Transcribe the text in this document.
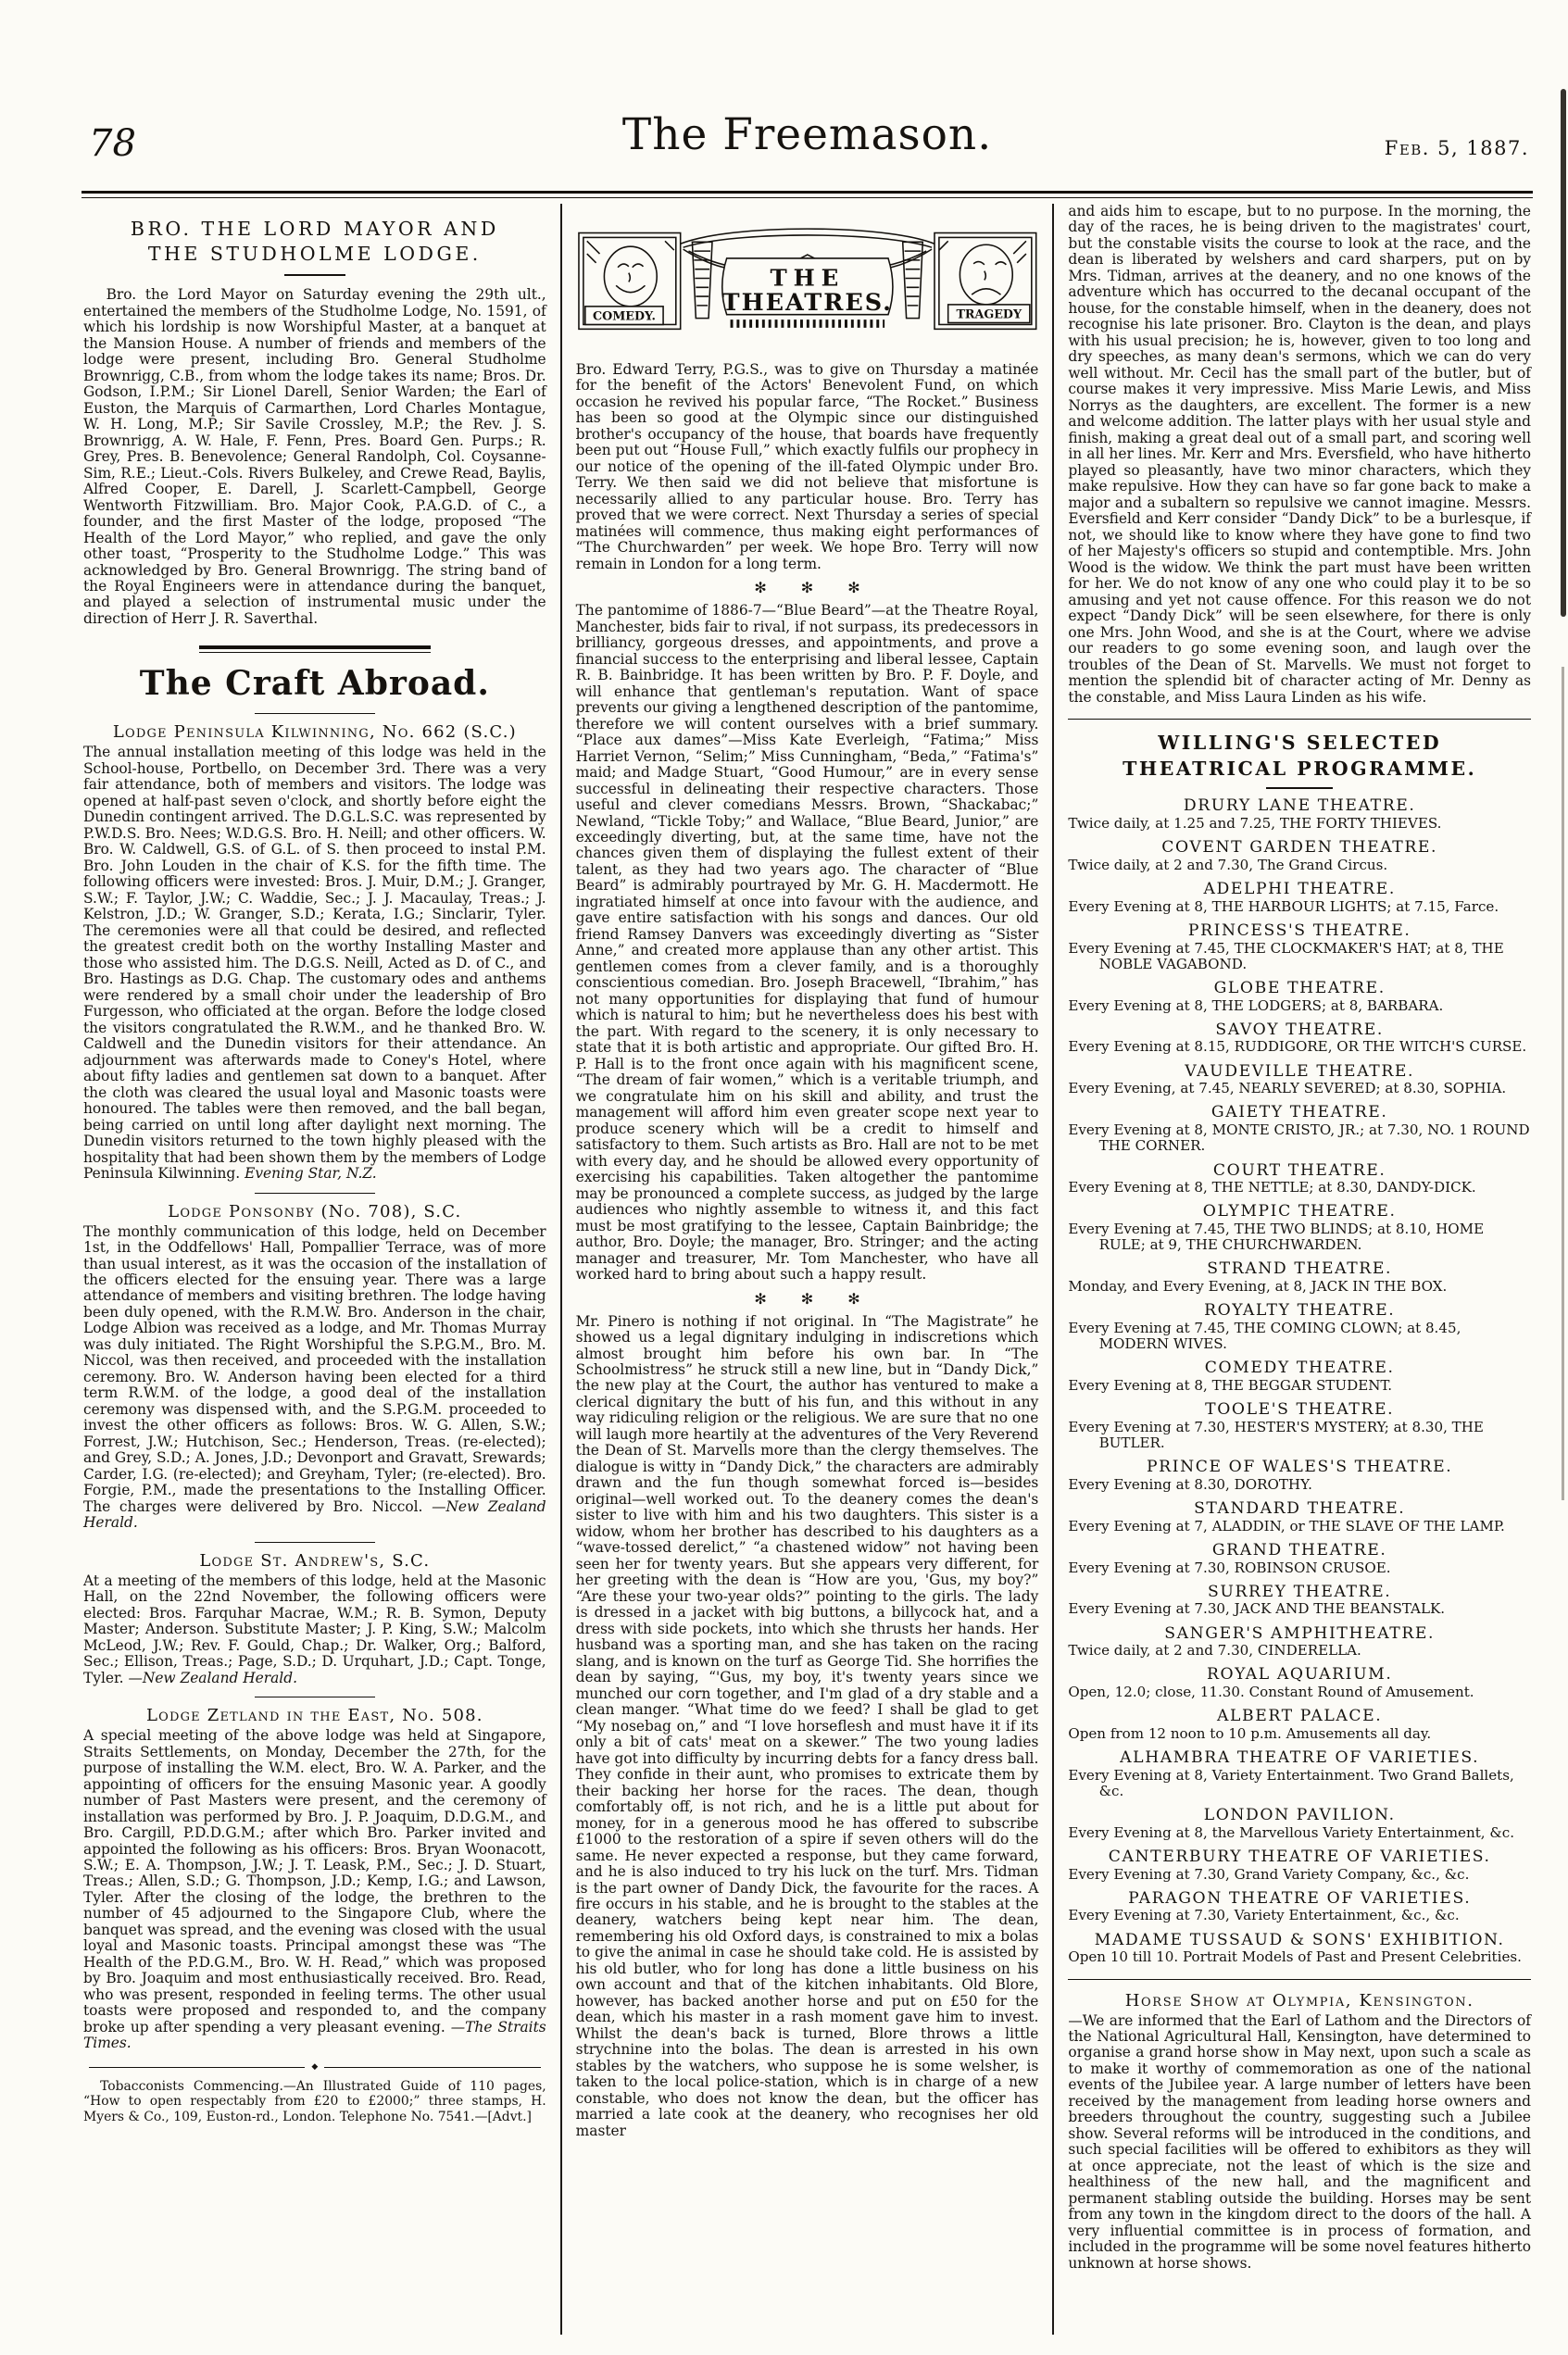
78	The Freemason.	Feb. 5, 1887.
BRO. THE LORD MAYOR AND THE STUDHOLME LODGE.

Bro. the Lord Mayor on Saturday evening the 29th ult., entertained the members of the Studholme Lodge, No. 1591, of which his lordship is now Worshipful Master, at a banquet at the Mansion House. A number of friends and members of the lodge were present, including Bro. General Studholme Brownrigg, C.B., from whom the lodge takes its name; Bros. Dr. Godson, I.P.M.; Sir Lionel Darell, Senior Warden; the Earl of Euston, the Marquis of Carmarthen, Lord Charles Montague, W. H. Long, M.P.; Sir Savile Crossley, M.P.; the Rev. J. S. Brownrigg, A. W. Hale, F. Fenn, Pres. Board Gen. Purps.; R. Grey, Pres. B. Benevolence; General Randolph, Col. Coysanne-Sim, R.E.; Lieut.-Cols. Rivers Bulkeley, and Crewe Read, Baylis, Alfred Cooper, E. Darell, J. Scarlett-Campbell, George Wentworth Fitzwilliam. Bro. Major Cook, P.A.G.D. of C., a founder, and the first Master of the lodge, proposed “The Health of the Lord Mayor,” who replied, and gave the only other toast, “Prosperity to the Studholme Lodge.” This was acknowledged by Bro. General Brownrigg. The string band of the Royal Engineers were in attendance during the banquet, and played a selection of instrumental music under the direction of Herr J. R. Saverthal.

The Craft Abroad.
Lodge Peninsula Kilwinning, No. 662 (S.C.)

The annual installation meeting of this lodge was held in the School-house, Portbello, on December 3rd. There was a very fair attendance, both of members and visitors. The lodge was opened at half-past seven o'clock, and shortly before eight the Dunedin contingent arrived. The D.G.L.S.C. was represented by P.W.D.S. Bro. Nees; W.D.G.S. Bro. H. Neill; and other officers. W. Bro. W. Caldwell, G.S. of G.L. of S. then proceed to instal P.M. Bro. John Louden in the chair of K.S. for the fifth time. The following officers were invested: Bros. J. Muir, D.M.; J. Granger, S.W.; F. Taylor, J.W.; C. Waddie, Sec.; J. J. Macaulay, Treas.; J. Kelstron, J.D.; W. Granger, S.D.; Kerata, I.G.; Sinclarir, Tyler. The ceremonies were all that could be desired, and reflected the greatest credit both on the worthy Installing Master and those who assisted him. The D.G.S. Neill, Acted as D. of C., and Bro. Hastings as D.G. Chap. The customary odes and anthems were rendered by a small choir under the leadership of Bro Furgesson, who officiated at the organ. Before the lodge closed the visitors congratulated the R.W.M., and he thanked Bro. W. Caldwell and the Dunedin visitors for their attendance. An adjournment was afterwards made to Coney's Hotel, where about fifty ladies and gentlemen sat down to a banquet. After the cloth was cleared the usual loyal and Masonic toasts were honoured. The tables were then removed, and the ball began, being carried on until long after daylight next morning. The Dunedin visitors returned to the town highly pleased with the hospitality that had been shown them by the members of Lodge Peninsula Kilwinning. Evening Star, N.Z.

Lodge Ponsonby (No. 708), S.C.

The monthly communication of this lodge, held on December 1st, in the Oddfellows' Hall, Pompallier Terrace, was of more than usual interest, as it was the occasion of the installation of the officers elected for the ensuing year. There was a large attendance of members and visiting brethren. The lodge having been duly opened, with the R.M.W. Bro. Anderson in the chair, Lodge Albion was received as a lodge, and Mr. Thomas Murray was duly initiated. The Right Worshipful the S.P.G.M., Bro. M. Niccol, was then received, and proceeded with the installation ceremony. Bro. W. Anderson having been elected for a third term R.W.M. of the lodge, a good deal of the installation ceremony was dispensed with, and the S.P.G.M. proceeded to invest the other officers as follows: Bros. W. G. Allen, S.W.; Forrest, J.W.; Hutchison, Sec.; Henderson, Treas. (re-elected); and Grey, S.D.; A. Jones, J.D.; Devonport and Gravatt, Srewards; Carder, I.G. (re-elected); and Greyham, Tyler; (re-elected). Bro. Forgie, P.M., made the presentations to the Installing Officer. The charges were delivered by Bro. Niccol. —New Zealand Herald.

Lodge St. Andrew's, S.C.

At a meeting of the members of this lodge, held at the Masonic Hall, on the 22nd November, the following officers were elected: Bros. Farquhar Macrae, W.M.; R. B. Symon, Deputy Master; Anderson. Substitute Master; J. P. King, S.W.; Malcolm McLeod, J.W.; Rev. F. Gould, Chap.; Dr. Walker, Org.; Balford, Sec.; Ellison, Treas.; Page, S.D.; D. Urquhart, J.D.; Capt. Tonge, Tyler. —New Zealand Herald.

Lodge Zetland in the East, No. 508.

A special meeting of the above lodge was held at Singapore, Straits Settlements, on Monday, December the 27th, for the purpose of installing the W.M. elect, Bro. W. A. Parker, and the appointing of officers for the ensuing Masonic year. A goodly number of Past Masters were present, and the ceremony of installation was performed by Bro. J. P. Joaquim, D.D.G.M., and Bro. Cargill, P.D.D.G.M.; after which Bro. Parker invited and appointed the following as his officers: Bros. Bryan Woonacott, S.W.; E. A. Thompson, J.W.; J. T. Leask, P.M., Sec.; J. D. Stuart, Treas.; Allen, S.D.; G. Thompson, J.D.; Kemp, I.G.; and Lawson, Tyler. After the closing of the lodge, the brethren to the number of 45 adjourned to the Singapore Club, where the banquet was spread, and the evening was closed with the usual loyal and Masonic toasts. Principal amongst these was “The Health of the P.D.G.M., Bro. W. H. Read,” which was proposed by Bro. Joaquim and most enthusiastically received. Bro. Read, who was present, responded in feeling terms. The other usual toasts were proposed and responded to, and the company broke up after spending a very pleasant evening. —The Straits Times.

◆

Tobacconists Commencing.—An Illustrated Guide of 110 pages, “How to open respectably from £20 to £2000;” three stamps, H. Myers & Co., 109, Euston-rd., London. Telephone No. 7541.—[Advt.]

COMEDY.	TRAGEDY
THE
THEATRES.

Bro. Edward Terry, P.G.S., was to give on Thursday a matinée for the benefit of the Actors' Benevolent Fund, on which occasion he revived his popular farce, “The Rocket.” Business has been so good at the Olympic since our distinguished brother's occupancy of the house, that boards have frequently been put out “House Full,” which exactly fulfils our prophecy in our notice of the opening of the ill-fated Olympic under Bro. Terry. We then said we did not believe that misfortune is necessarily allied to any particular house. Bro. Terry has proved that we were correct. Next Thursday a series of special matinées will commence, thus making eight performances of “The Churchwarden” per week. We hope Bro. Terry will now remain in London for a long term.

✻ ✻ ✻

The pantomime of 1886-7—“Blue Beard”—at the Theatre Royal, Manchester, bids fair to rival, if not surpass, its predecessors in brilliancy, gorgeous dresses, and appointments, and prove a financial success to the enterprising and liberal lessee, Captain R. B. Bainbridge. It has been written by Bro. P. F. Doyle, and will enhance that gentleman's reputation. Want of space prevents our giving a lengthened description of the pantomime, therefore we will content ourselves with a brief summary. “Place aux dames”—Miss Kate Everleigh, “Fatima;” Miss Harriet Vernon, “Selim;” Miss Cunningham, “Beda,” “Fatima's” maid; and Madge Stuart, “Good Humour,” are in every sense successful in delineating their respective characters. Those useful and clever comedians Messrs. Brown, “Shackabac;” Newland, “Tickle Toby;” and Wallace, “Blue Beard, Junior,” are exceedingly diverting, but, at the same time, have not the chances given them of displaying the fullest extent of their talent, as they had two years ago. The character of “Blue Beard” is admirably pourtrayed by Mr. G. H. Macdermott. He ingratiated himself at once into favour with the audience, and gave entire satisfaction with his songs and dances. Our old friend Ramsey Danvers was exceedingly diverting as “Sister Anne,” and created more applause than any other artist. This gentlemen comes from a clever family, and is a thoroughly conscientious comedian. Bro. Joseph Bracewell, “Ibrahim,” has not many opportunities for displaying that fund of humour which is natural to him; but he nevertheless does his best with the part. With regard to the scenery, it is only necessary to state that it is both artistic and appropriate. Our gifted Bro. H. P. Hall is to the front once again with his magnificent scene, “The dream of fair women,” which is a veritable triumph, and we congratulate him on his skill and ability, and trust the management will afford him even greater scope next year to produce scenery which will be a credit to himself and satisfactory to them. Such artists as Bro. Hall are not to be met with every day, and he should be allowed every opportunity of exercising his capabilities. Taken altogether the pantomime may be pronounced a complete success, as judged by the large audiences who nightly assemble to witness it, and this fact must be most gratifying to the lessee, Captain Bainbridge; the author, Bro. Doyle; the manager, Bro. Stringer; and the acting manager and treasurer, Mr. Tom Manchester, who have all worked hard to bring about such a happy result.

✻ ✻ ✻

Mr. Pinero is nothing if not original. In “The Magistrate” he showed us a legal dignitary indulging in indiscretions which almost brought him before his own bar. In “The Schoolmistress” he struck still a new line, but in “Dandy Dick,” the new play at the Court, the author has ventured to make a clerical dignitary the butt of his fun, and this without in any way ridiculing religion or the religious. We are sure that no one will laugh more heartily at the adventures of the Very Reverend the Dean of St. Marvells more than the clergy themselves. The dialogue is witty in “Dandy Dick,” the characters are admirably drawn and the fun though somewhat forced is—besides original—well worked out. To the deanery comes the dean's sister to live with him and his two daughters. This sister is a widow, whom her brother has described to his daughters as a “wave-tossed derelict,” “a chastened widow” not having been seen her for twenty years. But she appears very different, for her greeting with the dean is “How are you, 'Gus, my boy?” “Are these your two-year olds?” pointing to the girls. The lady is dressed in a jacket with big buttons, a billycock hat, and a dress with side pockets, into which she thrusts her hands. Her husband was a sporting man, and she has taken on the racing slang, and is known on the turf as George Tid. She horrifies the dean by saying, “'Gus, my boy, it's twenty years since we munched our corn together, and I'm glad of a dry stable and a clean manger. “What time do we feed? I shall be glad to get “My nosebag on,” and “I love horseflesh and must have it if its only a bit of cats' meat on a skewer.” The two young ladies have got into difficulty by incurring debts for a fancy dress ball. They confide in their aunt, who promises to extricate them by their backing her horse for the races. The dean, though comfortably off, is not rich, and he is a little put about for money, for in a generous mood he has offered to subscribe £1000 to the restoration of a spire if seven others will do the same. He never expected a response, but they came forward, and he is also induced to try his luck on the turf. Mrs. Tidman is the part owner of Dandy Dick, the favourite for the races. A fire occurs in his stable, and he is brought to the stables at the deanery, watchers being kept near him. The dean, remembering his old Oxford days, is constrained to mix a bolas to give the animal in case he should take cold. He is assisted by his old butler, who for long has done a little business on his own account and that of the kitchen inhabitants. Old Blore, however, has backed another horse and put on £50 for the dean, which his master in a rash moment gave him to invest. Whilst the dean's back is turned, Blore throws a little strychnine into the bolas. The dean is arrested in his own stables by the watchers, who suppose he is some welsher, is taken to the local police-station, which is in charge of a new constable, who does not know the dean, but the officer has married a late cook at the deanery, who recognises her old master

and aids him to escape, but to no purpose. In the morning, the day of the races, he is being driven to the magistrates' court, but the constable visits the course to look at the race, and the dean is liberated by welshers and card sharpers, put on by Mrs. Tidman, arrives at the deanery, and no one knows of the adventure which has occurred to the decanal occupant of the house, for the constable himself, when in the deanery, does not recognise his late prisoner. Bro. Clayton is the dean, and plays with his usual precision; he is, however, given to too long and dry speeches, as many dean's sermons, which we can do very well without. Mr. Cecil has the small part of the butler, but of course makes it very impressive. Miss Marie Lewis, and Miss Norrys as the daughters, are excellent. The former is a new and welcome addition. The latter plays with her usual style and finish, making a great deal out of a small part, and scoring well in all her lines. Mr. Kerr and Mrs. Eversfield, who have hitherto played so pleasantly, have two minor characters, which they make repulsive. How they can have so far gone back to make a major and a subaltern so repulsive we cannot imagine. Messrs. Eversfield and Kerr consider “Dandy Dick” to be a burlesque, if not, we should like to know where they have gone to find two of her Majesty's officers so stupid and contemptible. Mrs. John Wood is the widow. We think the part must have been written for her. We do not know of any one who could play it to be so amusing and yet not cause offence. For this reason we do not expect “Dandy Dick” will be seen elsewhere, for there is only one Mrs. John Wood, and she is at the Court, where we advise our readers to go some evening soon, and laugh over the troubles of the Dean of St. Marvells. We must not forget to mention the splendid bit of character acting of Mr. Denny as the constable, and Miss Laura Linden as his wife.

WILLING'S SELECTED THEATRICAL PROGRAMME.
DRURY LANE THEATRE.
Twice daily, at 1.25 and 7.25, THE FORTY THIEVES.
COVENT GARDEN THEATRE.
Twice daily, at 2 and 7.30, The Grand Circus.
ADELPHI THEATRE.
Every Evening at 8, THE HARBOUR LIGHTS; at 7.15, Farce.
PRINCESS'S THEATRE.
Every Evening at 7.45, THE CLOCKMAKER'S HAT; at 8, THE NOBLE VAGABOND.
GLOBE THEATRE.
Every Evening at 8, THE LODGERS; at 8, BARBARA.
SAVOY THEATRE.
Every Evening at 8.15, RUDDIGORE, OR THE WITCH'S CURSE.
VAUDEVILLE THEATRE.
Every Evening, at 7.45, NEARLY SEVERED; at 8.30, SOPHIA.
GAIETY THEATRE.
Every Evening at 8, MONTE CRISTO, JR.; at 7.30, NO. 1 ROUND THE CORNER.
COURT THEATRE.
Every Evening at 8, THE NETTLE; at 8.30, DANDY-DICK.
OLYMPIC THEATRE.
Every Evening at 7.45, THE TWO BLINDS; at 8.10, HOME RULE; at 9, THE CHURCHWARDEN.
STRAND THEATRE.
Monday, and Every Evening, at 8, JACK IN THE BOX.
ROYALTY THEATRE.
Every Evening at 7.45, THE COMING CLOWN; at 8.45, MODERN WIVES.
COMEDY THEATRE.
Every Evening at 8, THE BEGGAR STUDENT.
TOOLE'S THEATRE.
Every Evening at 7.30, HESTER'S MYSTERY; at 8.30, THE BUTLER.
PRINCE OF WALES'S THEATRE.
Every Evening at 8.30, DOROTHY.
STANDARD THEATRE.
Every Evening at 7, ALADDIN, or THE SLAVE OF THE LAMP.
GRAND THEATRE.
Every Evening at 7.30, ROBINSON CRUSOE.
SURREY THEATRE.
Every Evening at 7.30, JACK AND THE BEANSTALK.
SANGER'S AMPHITHEATRE.
Twice daily, at 2 and 7.30, CINDERELLA.
ROYAL AQUARIUM.
Open, 12.0; close, 11.30. Constant Round of Amusement.
ALBERT PALACE.
Open from 12 noon to 10 p.m. Amusements all day.
ALHAMBRA THEATRE OF VARIETIES.
Every Evening at 8, Variety Entertainment. Two Grand Ballets, &c.
LONDON PAVILION.
Every Evening at 8, the Marvellous Variety Entertainment, &c.
CANTERBURY THEATRE OF VARIETIES.
Every Evening at 7.30, Grand Variety Company, &c., &c.
PARAGON THEATRE OF VARIETIES.
Every Evening at 7.30, Variety Entertainment, &c., &c.
MADAME TUSSAUD & SONS' EXHIBITION.
Open 10 till 10. Portrait Models of Past and Present Celebrities.
Horse Show at Olympia, Kensington.

—We are informed that the Earl of Lathom and the Directors of the National Agricultural Hall, Kensington, have determined to organise a grand horse show in May next, upon such a scale as to make it worthy of commemoration as one of the national events of the Jubilee year. A large number of letters have been received by the management from leading horse owners and breeders throughout the country, suggesting such a Jubilee show. Several reforms will be introduced in the conditions, and such special facilities will be offered to exhibitors as they will at once appreciate, not the least of which is the size and healthiness of the new hall, and the magnificent and permanent stabling outside the building. Horses may be sent from any town in the kingdom direct to the doors of the hall. A very influential committee is in process of formation, and included in the programme will be some novel features hitherto unknown at horse shows.
